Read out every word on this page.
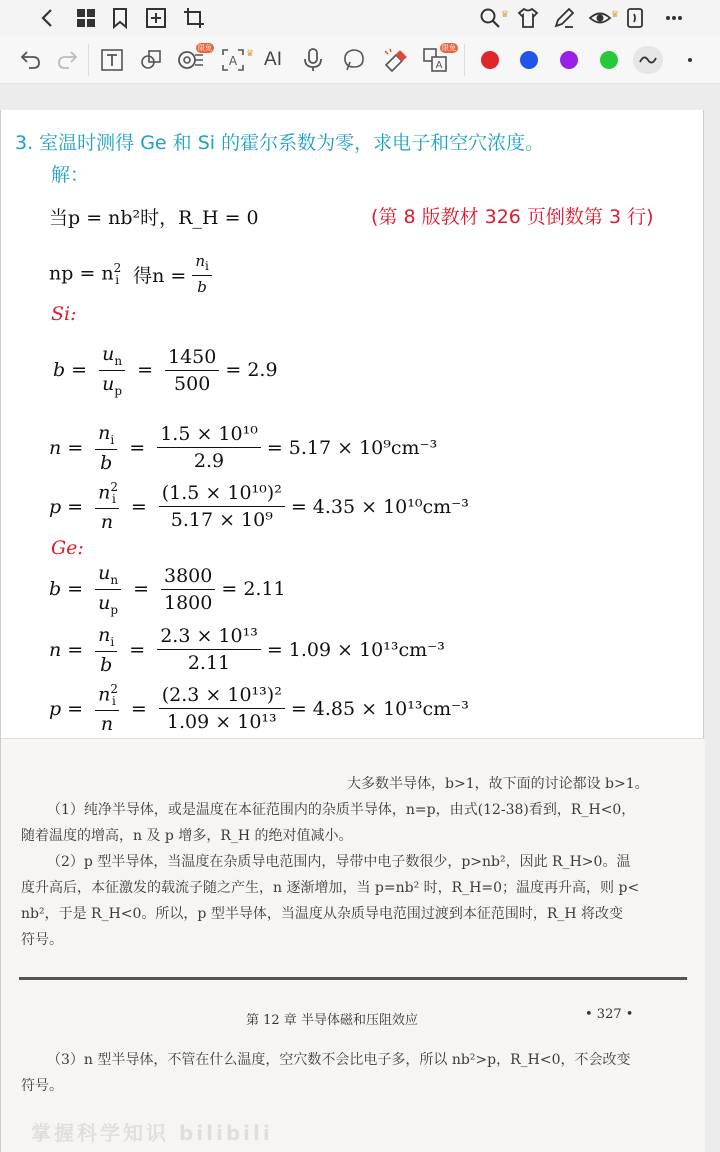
♛	♛
限免
A ♛ AI	A
限免
3. 室温时测得 Ge 和 Si 的霍尔系数为零，求电子和空穴浓度。
解：
当p = nb²时，R_H = 0	(第 8 版教材 326 页倒数第 3 行)
np = $n^2_i$ 得$n = \frac{n_i}{b}$
Si:
$b = \frac{u_n}{u_p} = \frac{1450}{500} = 2.9$
$n = \frac{n_i}{b} = \frac{\text{1.5 × 10¹⁰}}{2.9} = 5.17 \times 10^9cm^{-3}$
$p = \frac{n^2_i}{n} = \frac{\text{(1.5 × 10¹⁰)²}}{\text{5.17 × 10⁹}} = 4.35 \times 10^{10}cm^{-3}$
Ge:
$b = \frac{u_n}{u_p} = \frac{3800}{1800} = 2.11$
$n = \frac{n_i}{b} = \frac{\text{2.3 × 10¹³}}{2.11} = 1.09 \times 10^{13}cm^{-3}$
$p = \frac{n^2_i}{n} = \frac{\text{(2.3 × 10¹³)²}}{\text{1.09 × 10¹³}} = 4.85 \times 10^{13}cm^{-3}$

大多数半导体，b>1，故下面的讨论都设 b>1。

（1）纯净半导体，或是温度在本征范围内的杂质半导体，n=p，由式(12-38)看到，R_H<0，

随着温度的增高，n 及 p 增多，R_H 的绝对值减小。

（2）p 型半导体，当温度在杂质导电范围内，导带中电子数很少，p>nb²，因此 R_H>0。温

度升高后，本征激发的载流子随之产生，n 逐渐增加，当 p=nb² 时，R_H=0；温度再升高，则 p<

nb²，于是 R_H<0。所以，p 型半导体，当温度从杂质导电范围过渡到本征范围时，R_H 将改变

符号。

第 12 章 半导体磁和压阻效应	• 327 •

（3）n 型半导体，不管在什么温度，空穴数不会比电子多，所以 nb²>p，R_H<0，不会改变

符号。

掌握科学知识 bilibili
